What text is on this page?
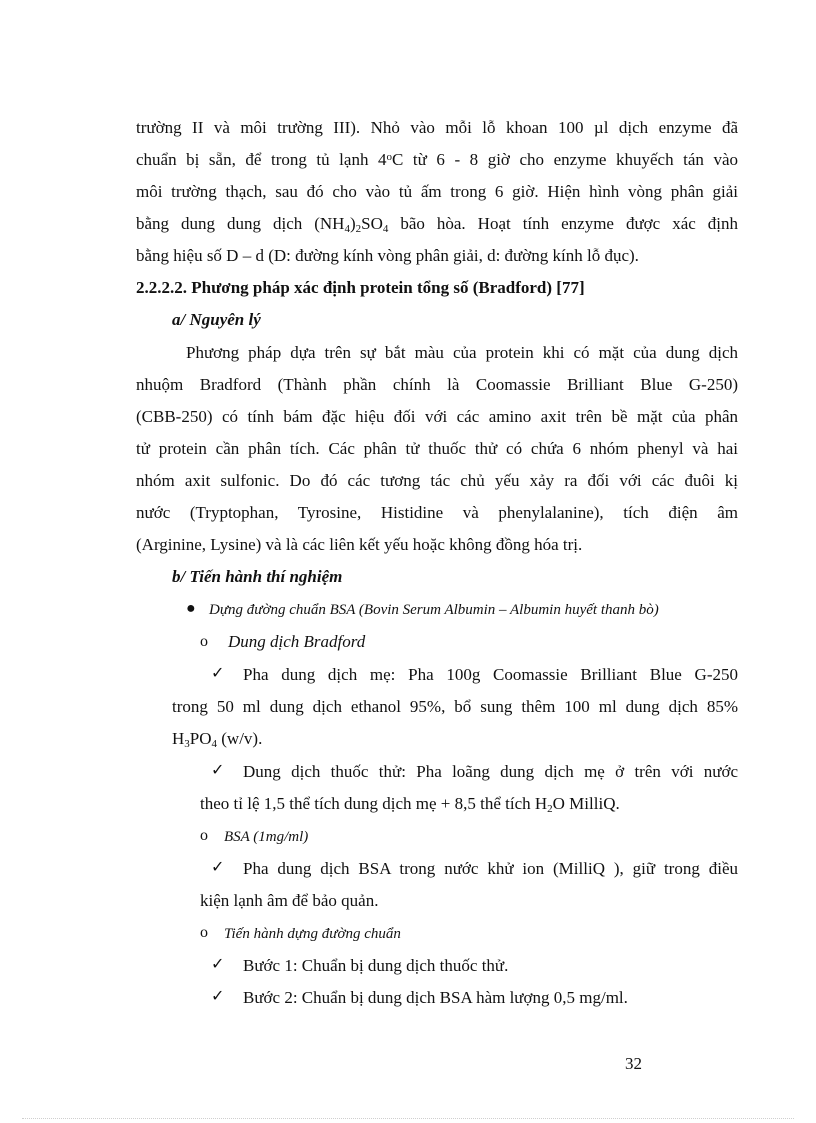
trường II và môi trường III). Nhỏ vào mỗi lỗ khoan 100 µl dịch enzyme đã
chuẩn bị sẵn, để trong tủ lạnh 4$^o$C từ 6 - 8 giờ cho enzyme khuyếch tán vào
môi trường thạch, sau đó cho vào tủ ấm trong 6 giờ. Hiện hình vòng phân giải
bằng dung dung dịch $(NH_4)_2SO_4$ bão hòa. Hoạt tính enzyme được xác định
bằng hiệu số D – d (D: đường kính vòng phân giải, d: đường kính lỗ đục).
2.2.2.2. Phương pháp xác định protein tổng số (Bradford) [77]
a/ Nguyên lý
Phương pháp dựa trên sự bắt màu của protein khi có mặt của dung dịch
nhuộm Bradford (Thành phần chính là Coomassie Brilliant Blue G-250)
(CBB-250) có tính bám đặc hiệu đối với các amino axit trên bề mặt của phân
tử protein cần phân tích. Các phân tử thuốc thử có chứa 6 nhóm phenyl và hai
nhóm axit sulfonic. Do đó các tương tác chủ yếu xảy ra đối với các đuôi kị
nước (Tryptophan, Tyrosine, Histidine và phenylalanine), tích điện âm
(Arginine, Lysine) và là các liên kết yếu hoặc không đồng hóa trị.
b/ Tiến hành thí nghiệm
● Dựng đường chuẩn BSA (Bovin Serum Albumin – Albumin huyết thanh bò)
o Dung dịch Bradford
✓ Pha dung dịch mẹ: Pha 100g Coomassie Brilliant Blue G-250
trong 50 ml dung dịch ethanol 95%, bổ sung thêm 100 ml dung dịch 85%
$H_3PO_4$ (w/v).
✓ Dung dịch thuốc thử: Pha loãng dung dịch mẹ ở trên với nước
theo tỉ lệ 1,5 thể tích dung dịch mẹ + 8,5 thể tích $H_2O$ MilliQ.
o BSA (1mg/ml)
✓ Pha dung dịch BSA trong nước khử ion (MilliQ ), giữ trong điều
kiện lạnh âm để bảo quản.
o Tiến hành dựng đường chuẩn
✓ Bước 1: Chuẩn bị dung dịch thuốc thử.
✓ Bước 2: Chuẩn bị dung dịch BSA hàm lượng 0,5 mg/ml.
32
